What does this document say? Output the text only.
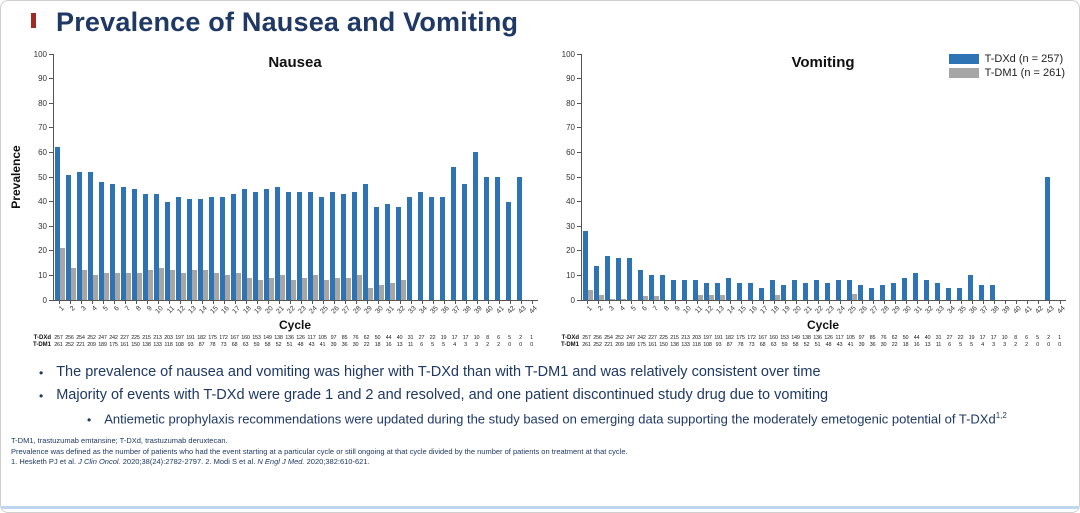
Prevalence of Nausea and Vomiting
T-DXd (n = 257)
T-DM1 (n = 261)
Prevalence
0
10
20
30
40
50
60
70
80
90
100	Nausea
1 2 3 4 5 6 7 8 9 10 11 12 13 14 15 16 17 18 19 20 21 22 23 24 25 26 27 28 29 30 31 32 33 34 35 36 37 38 39 40 41 42 43 44
Cycle
T-DXd 257 256 254 252 247 242 227 225 215 213 203 197 191 182 175 172 167 160 153 149 138 136 126 117 105 97 85 76 62 50 44 40 31 27 22 19 17 17 10	8	6	5	2	1
T-DM1 261 252 221 209 189 175 161 150 138 133 118 108 93 87 78 73 68 63 59 58 52 51 48 43 41 39 36 30 22 18 16 13 11	6	5	5	4	3	3	2	2	0	0	0
0
10
20
30
40
50
60
70
80
90
100	Vomiting
1 2 3 4 5 6 7 8 9 10 11 12 13 14 15 16 17 18 19 20 21 22 23 24 25 26 27 28 29 30 31 32 33 34 35 36 37 38 39 40 41 42 43 44
Cycle
T-DXd 257 256 254 252 247 242 227 225 215 213 203 197 191 182 175 172 167 160 153 149 138 136 126 117 105 97 85 76 62 50 44 40 31 27 22 19 17 17 10	8	6	5	2	1
T-DM1 261 252 221 209 189 175 161 150 138 133 118 108 93 87 78 73 68 63 59 58 52 51 48 43 41 39 36 30 22 18 16 13 11	6	5	5	4	3	3	2	2	0	0	0
•
The prevalence of nausea and vomiting was higher with T-DXd than with T-DM1 and was relatively consistent over time
•
Majority of events with T-DXd were grade 1 and 2 and resolved, and one patient discontinued study drug due to vomiting
•
Antiemetic prophylaxis recommendations were updated during the study based on emerging data supporting the moderately emetogenic potential of T-DXd$^{1,2}$
T-DM1, trastuzumab emtansine; T-DXd, trastuzumab deruxtecan.
Prevalence was defined as the number of patients who had the event starting at a particular cycle or still ongoing at that cycle divided by the number of patients on treatment at that cycle.
1. Hesketh PJ et al. J Clin Oncol. 2020;38(24):2782-2797. 2. Modi S et al. N Engl J Med. 2020;382:610-621.
